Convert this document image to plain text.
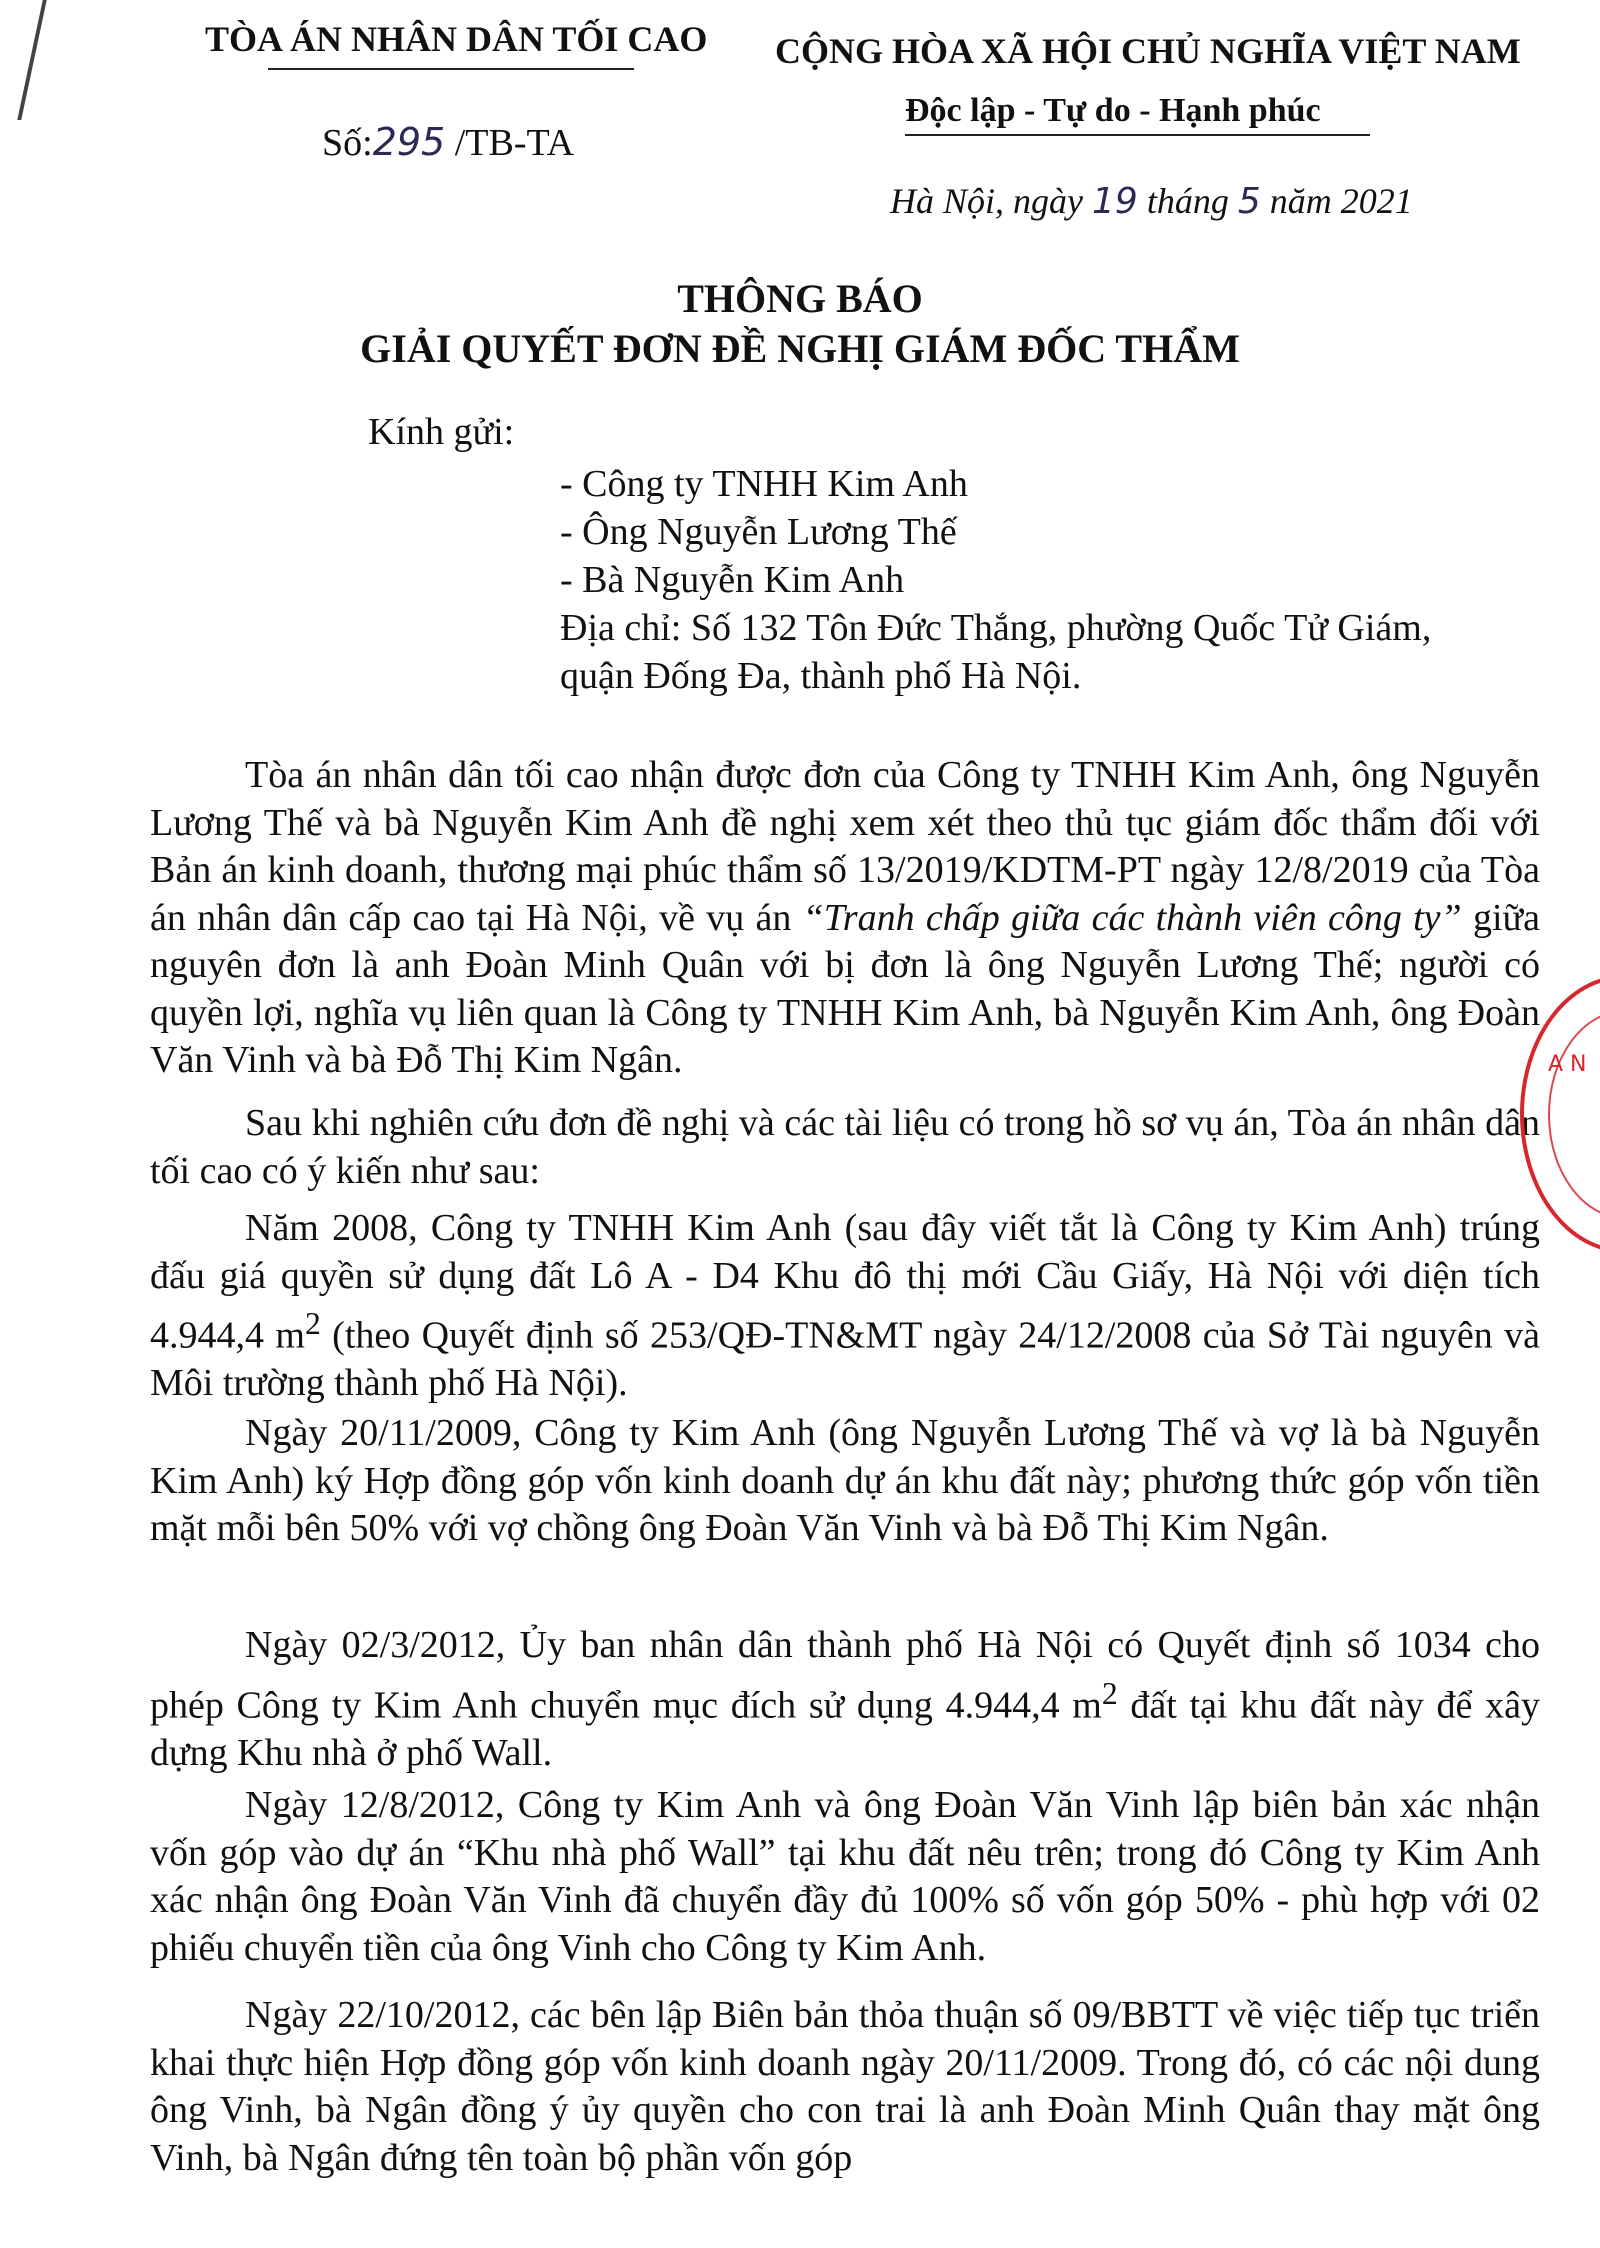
TÒA ÁN NHÂN DÂN TỐI CAO CỘNG HÒA XÃ HỘI CHỦ NGHĨA VIỆT NAM
Độc lập - Tự do - Hạnh phúc
Số:295 /TB-TA
Hà Nội, ngày 19 tháng 5 năm 2021
THÔNG BÁO
GIẢI QUYẾT ĐƠN ĐỀ NGHỊ GIÁM ĐỐC THẨM
Kính gửi:
- Công ty TNHH Kim Anh
- Ông Nguyễn Lương Thế
- Bà Nguyễn Kim Anh
Địa chỉ: Số 132 Tôn Đức Thắng, phường Quốc Tử Giám,
quận Đống Đa, thành phố Hà Nội.

Tòa án nhân dân tối cao nhận được đơn của Công ty TNHH Kim Anh, ông Nguyễn Lương Thế và bà Nguyễn Kim Anh đề nghị xem xét theo thủ tục giám đốc thẩm đối với Bản án kinh doanh, thương mại phúc thẩm số 13/2019/KDTM-PT ngày 12/8/2019 của Tòa án nhân dân cấp cao tại Hà Nội, về vụ án “Tranh chấp giữa các thành viên công ty” giữa nguyên đơn là anh Đoàn Minh Quân với bị đơn là ông Nguyễn Lương Thế; người có quyền lợi, nghĩa vụ liên quan là Công ty TNHH Kim Anh, bà Nguyễn Kim Anh, ông Đoàn Văn Vinh và bà Đỗ Thị Kim Ngân.

Sau khi nghiên cứu đơn đề nghị và các tài liệu có trong hồ sơ vụ án, Tòa án nhân dân tối cao có ý kiến như sau:

Năm 2008, Công ty TNHH Kim Anh (sau đây viết tắt là Công ty Kim Anh) trúng đấu giá quyền sử dụng đất Lô A - D4 Khu đô thị mới Cầu Giấy, Hà Nội với diện tích 4.944,4 $m^2$ (theo Quyết định số 253/QĐ-TN&MT ngày 24/12/2008 của Sở Tài nguyên và Môi trường thành phố Hà Nội).

Ngày 20/11/2009, Công ty Kim Anh (ông Nguyễn Lương Thế và vợ là bà Nguyễn Kim Anh) ký Hợp đồng góp vốn kinh doanh dự án khu đất này; phương thức góp vốn tiền mặt mỗi bên 50% với vợ chồng ông Đoàn Văn Vinh và bà Đỗ Thị Kim Ngân.

Ngày 02/3/2012, Ủy ban nhân dân thành phố Hà Nội có Quyết định số 1034 cho phép Công ty Kim Anh chuyển mục đích sử dụng 4.944,4 $m^2$ đất tại khu đất này để xây dựng Khu nhà ở phố Wall.

Ngày 12/8/2012, Công ty Kim Anh và ông Đoàn Văn Vinh lập biên bản xác nhận vốn góp vào dự án “Khu nhà phố Wall” tại khu đất nêu trên; trong đó Công ty Kim Anh xác nhận ông Đoàn Văn Vinh đã chuyển đầy đủ 100% số vốn góp 50% - phù hợp với 02 phiếu chuyển tiền của ông Vinh cho Công ty Kim Anh.

Ngày 22/10/2012, các bên lập Biên bản thỏa thuận số 09/BBTT về việc tiếp tục triển khai thực hiện Hợp đồng góp vốn kinh doanh ngày 20/11/2009. Trong đó, có các nội dung ông Vinh, bà Ngân đồng ý ủy quyền cho con trai là anh Đoàn Minh Quân thay mặt ông Vinh, bà Ngân đứng tên toàn bộ phần vốn góp

A N
